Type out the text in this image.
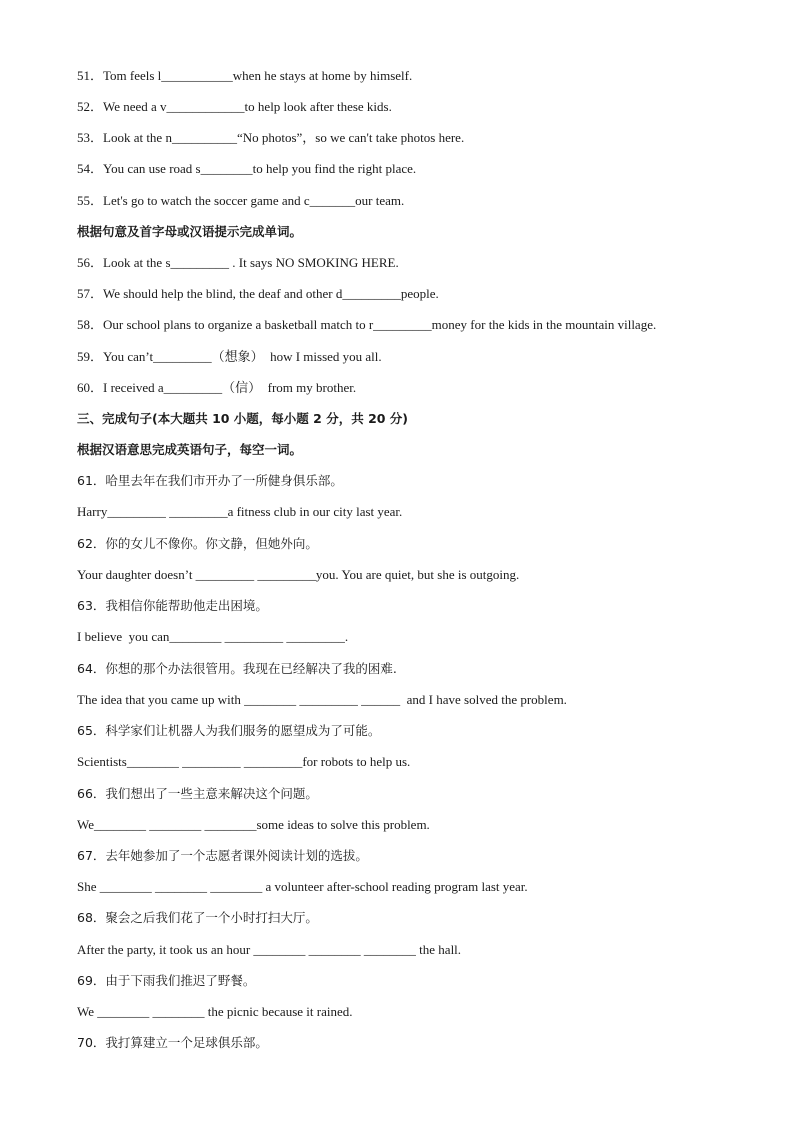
51．Tom feels l___________when he stays at home by himself.
52．We need a v____________to help look after these kids.
53．Look at the n__________“No photos”，so we can't take photos here.
54．You can use road s________to help you find the right place.
55．Let's go to watch the soccer game and c_______our team.
根据句意及首字母或汉语提示完成单词。
56．Look at the s_________ . It says NO SMOKING HERE.
57．We should help the blind, the deaf and other d_________people.
58．Our school plans to organize a basketball match to r_________money for the kids in the mountain village.
59．You can’t_________（想象）  how I missed you all.
60．I received a_________（信）  from my brother.
三、完成句子(本大题共 10 小题，每小题 2 分，共 20 分)
根据汉语意思完成英语句子，每空一词。
61．哈里去年在我们市开办了一所健身俱乐部。
Harry_________ _________a fitness club in our city last year.
62．你的女儿不像你。你文静，但她外向。
Your daughter doesn’t _________ _________you. You are quiet, but she is outgoing.
63．我相信你能帮助他走出困境。
I believe  you can________ _________ _________.
64．你想的那个办法很管用。我现在已经解决了我的困难.
The idea that you came up with ________ _________ ______  and I have solved the problem.
65．科学家们让机器人为我们服务的愿望成为了可能。
Scientists________ _________ _________for robots to help us.
66．我们想出了一些主意来解决这个问题。
We________ ________ ________some ideas to solve this problem.
67．去年她参加了一个志愿者课外阅读计划的选拔。
She ________ ________ ________ a volunteer after-school reading program last year.
68．聚会之后我们花了一个小时打扫大厅。
After the party, it took us an hour ________ ________ ________ the hall.
69．由于下雨我们推迟了野餐。
We ________ ________ the picnic because it rained.
70．我打算建立一个足球俱乐部。
